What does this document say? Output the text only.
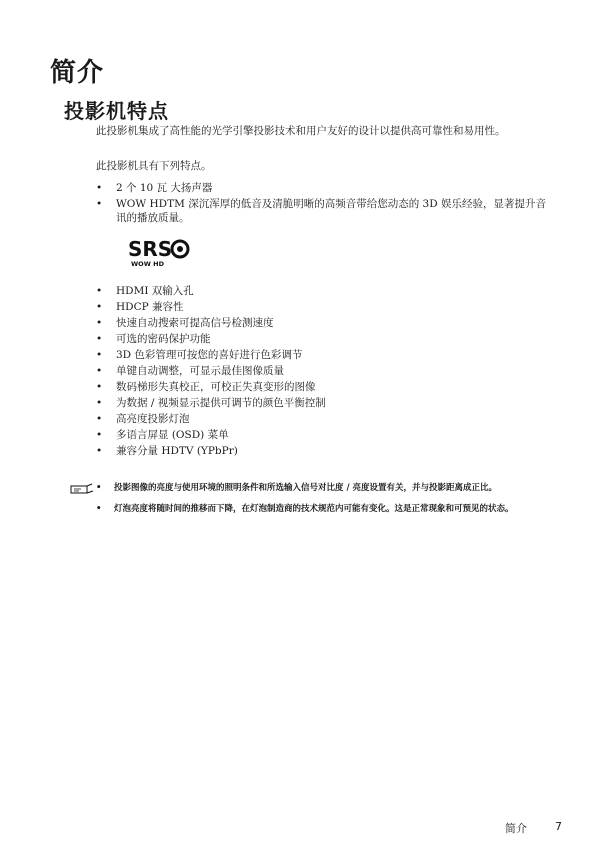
简介
投影机特点

此投影机集成了高性能的光学引擎投影技术和用户友好的设计以提供高可靠性和易用性。

此投影机具有下列特点。

• 2 个 10 瓦 大扬声器
• WOW HDTM 深沉浑厚的低音及清脆明晰的高频音带给您动态的 3D 娱乐经验，显著提升音讯的播放质量。
SRS
WOW HD
• HDMI 双输入孔
• HDCP 兼容性
• 快速自动搜索可提高信号检测速度
• 可选的密码保护功能
• 3D 色彩管理可按您的喜好进行色彩调节
• 单键自动调整，可显示最佳图像质量
• 数码梯形失真校正，可校正失真变形的图像
• 为数据 / 视频显示提供可调节的颜色平衡控制
• 高亮度投影灯泡
• 多语言屏显 (OSD) 菜单
• 兼容分量 HDTV (YPbPr)
• 投影图像的亮度与使用环境的照明条件和所选输入信号对比度 / 亮度设置有关，并与投影距离成正比。
• 灯泡亮度将随时间的推移而下降，在灯泡制造商的技术规范内可能有变化。这是正常现象和可预见的状态。
简介	7
